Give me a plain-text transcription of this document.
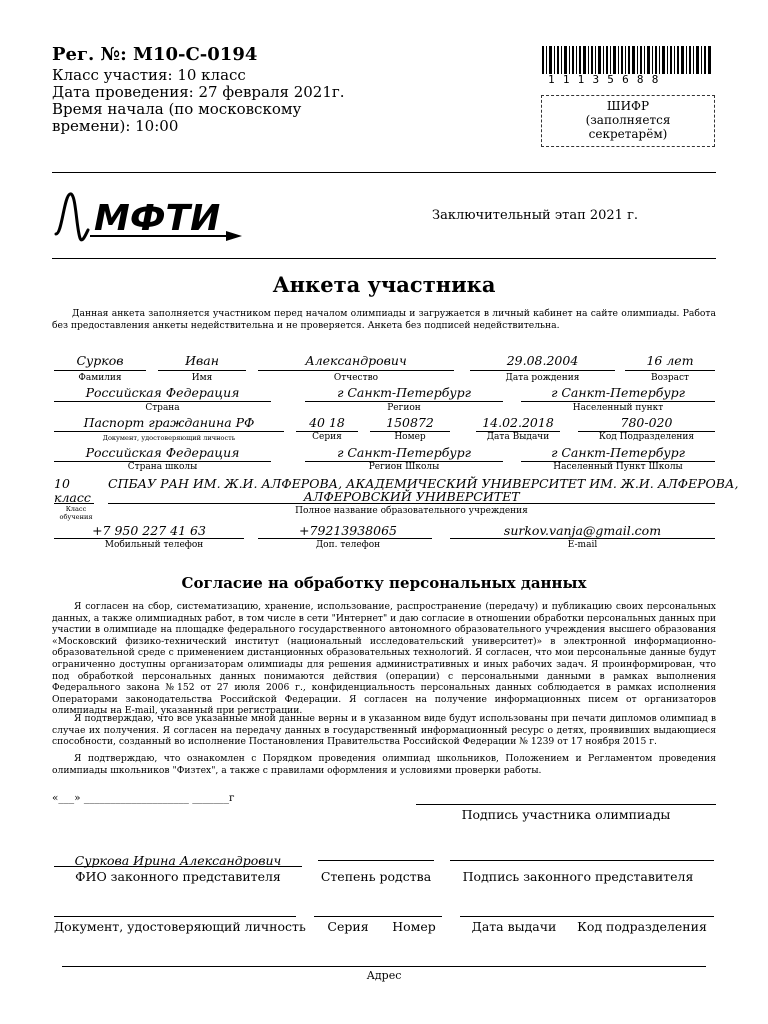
Рег. №: М10-С-0194
Класс участия: 10 класс
Дата проведения: 27 февраля 2021г.
Время начала (по московскому
времени): 10:00
11135688
ШИФР
(заполняется
секретарём)
МФТИ	Заключительный этап 2021 г.
Анкета участника
Данная анкета заполняется участником перед началом олимпиады и загружается в личный кабинет на сайте олимпиады. Работа без предоставления анкеты недействительна и не проверяется. Анкета без подписей недействительна.
Сурков
Фамилия
Иван
Имя
Александрович
Отчество
29.08.2004
Дата рождения
16 лет
Возраст
Российская Федерация
Страна
г Санкт-Петербург
Регион
г Санкт-Петербург
Населенный пункт
Паспорт гражданина РФ
Документ, удостоверяющий личность
40 18
Серия
150872
Номер
14.02.2018
Дата Выдачи
780-020
Код Подразделения
Российская Федерация
Страна школы
г Санкт-Петербург
Регион Школы
г Санкт-Петербург
Населенный Пункт Школы
10
класс
Класс
обучения
СПБАУ РАН ИМ. Ж.И. АЛФЕРОВА, АКАДЕМИЧЕСКИЙ УНИВЕРСИТЕТ ИМ. Ж.И. АЛФЕРОВА,
АЛФЕРОВСКИЙ УНИВЕРСИТЕТ
Полное название образовательного учреждения
+7 950 227 41 63
Мобильный телефон
+79213938065
Доп. телефон
surkov.vanja@gmail.com
E-mail
Согласие на обработку персональных данных

Я согласен на сбор, систематизацию, хранение, использование, распространение (передачу) и публикацию своих персональных данных, а также олимпиадных работ, в том числе в сети "Интернет" и даю согласие в отношении обработки персональных данных при участии в олимпиаде на площадке федерального государственного автономного образовательного учреждения высшего образования «Московский физико-технический институт (национальный исследовательский университет)» в электронной информационно-образовательной среде с применением дистанционных образовательных технологий. Я согласен, что мои персональные данные будут ограниченно доступны организаторам олимпиады для решения административных и иных рабочих задач. Я проинформирован, что под обработкой персональных данных понимаются действия (операции) с персональными данными в рамках выполнения Федерального закона №152 от 27 июля 2006 г., конфиденциальность персональных данных соблюдается в рамках исполнения Операторами законодательства Российской Федерации. Я согласен на получение информационных писем от организаторов олимпиады на E-mail, указанный при регистрации.

Я подтверждаю, что все указанные мной данные верны и в указанном виде будут использованы при печати дипломов олимпиад в случае их получения. Я согласен на передачу данных в государственный информационный ресурс о детях, проявивших выдающиеся способности, созданный во исполнение Постановления Правительства Российской Федерации № 1239 от 17 ноября 2015 г.

Я подтверждаю, что ознакомлен с Порядком проведения олимпиад школьников, Положением и Регламентом проведения олимпиады школьников "Физтех", а также с правилами оформления и условиями проверки работы.

«___» ____________________ _______г
Подпись участника олимпиады
Суркова Ирина Александрович
ФИО законного представителя	Степень родства	Подпись законного представителя
Документ, удостоверяющий личность	Серия	Номер	Дата выдачи	Код подразделения
Адрес
